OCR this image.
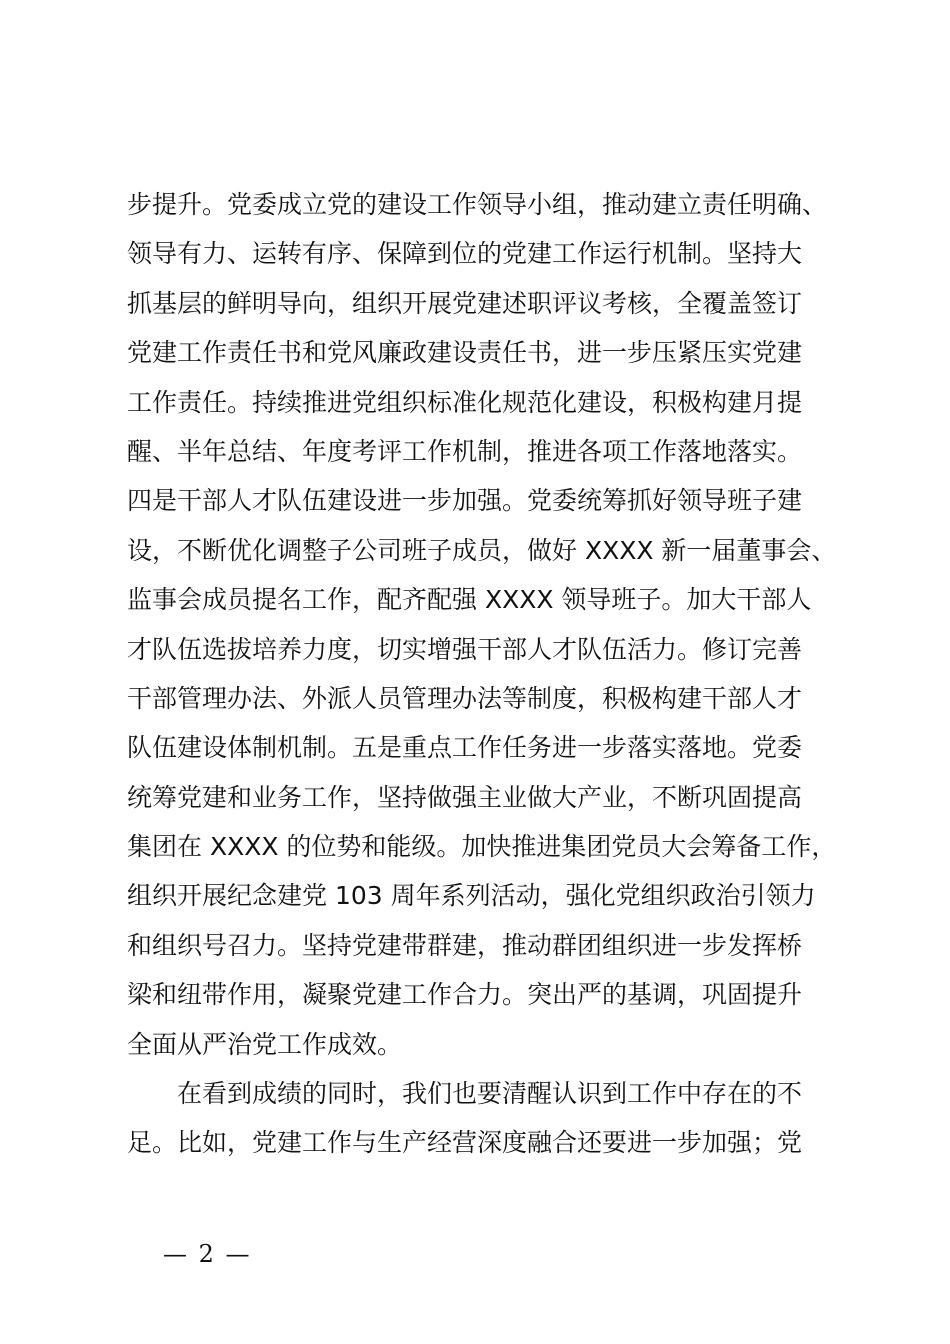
步提升。党委成立党的建设工作领导小组，推动建立责任明确、
领导有力、运转有序、保障到位的党建工作运行机制。坚持大
抓基层的鲜明导向，组织开展党建述职评议考核，全覆盖签订
党建工作责任书和党风廉政建设责任书，进一步压紧压实党建
工作责任。持续推进党组织标准化规范化建设，积极构建月提
醒、半年总结、年度考评工作机制，推进各项工作落地落实。
四是干部人才队伍建设进一步加强。党委统筹抓好领导班子建
设，不断优化调整子公司班子成员，做好 XXXX 新一届董事会、
监事会成员提名工作，配齐配强 XXXX 领导班子。加大干部人
才队伍选拔培养力度，切实增强干部人才队伍活力。修订完善
干部管理办法、外派人员管理办法等制度，积极构建干部人才
队伍建设体制机制。五是重点工作任务进一步落实落地。党委
统筹党建和业务工作，坚持做强主业做大产业，不断巩固提高
集团在 XXXX 的位势和能级。加快推进集团党员大会筹备工作，
组织开展纪念建党 103 周年系列活动，强化党组织政治引领力
和组织号召力。坚持党建带群建，推动群团组织进一步发挥桥
梁和纽带作用，凝聚党建工作合力。突出严的基调，巩固提升
全面从严治党工作成效。
在看到成绩的同时，我们也要清醒认识到工作中存在的不
足。比如，党建工作与生产经营深度融合还要进一步加强；党
— 2 —
